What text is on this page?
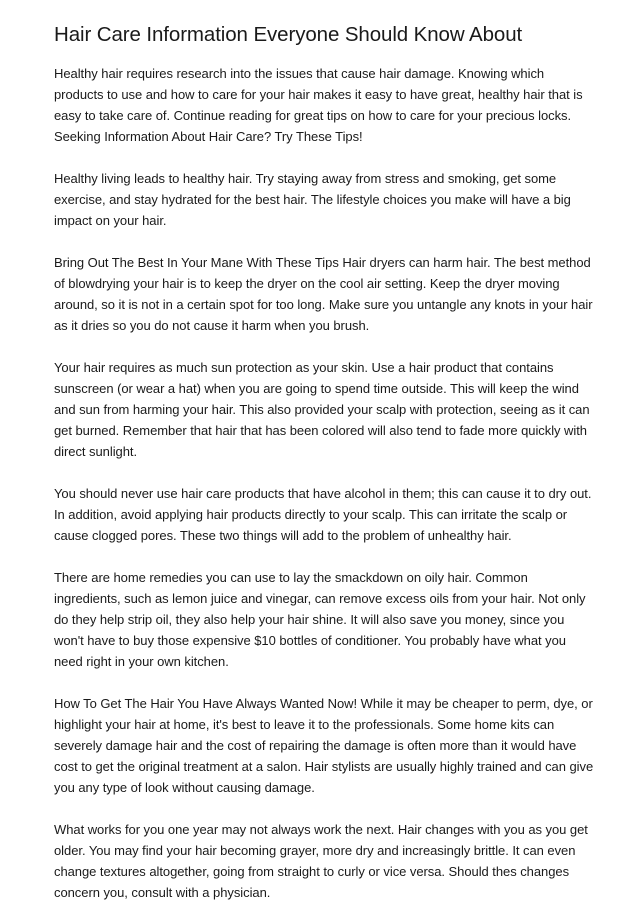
Hair Care Information Everyone Should Know About

Healthy hair requires research into the issues that cause hair damage. Knowing which products to use and how to care for your hair makes it easy to have great, healthy hair that is easy to take care of. Continue reading for great tips on how to care for your precious locks. Seeking Information About Hair Care? Try These Tips!

Healthy living leads to healthy hair. Try staying away from stress and smoking, get some exercise, and stay hydrated for the best hair. The lifestyle choices you make will have a big impact on your hair.

Bring Out The Best In Your Mane With These Tips Hair dryers can harm hair. The best method of blowdrying your hair is to keep the dryer on the cool air setting. Keep the dryer moving around, so it is not in a certain spot for too long. Make sure you untangle any knots in your hair as it dries so you do not cause it harm when you brush.

Your hair requires as much sun protection as your skin. Use a hair product that contains sunscreen (or wear a hat) when you are going to spend time outside. This will keep the wind and sun from harming your hair. This also provided your scalp with protection, seeing as it can get burned. Remember that hair that has been colored will also tend to fade more quickly with direct sunlight.

You should never use hair care products that have alcohol in them; this can cause it to dry out. In addition, avoid applying hair products directly to your scalp. This can irritate the scalp or cause clogged pores. These two things will add to the problem of unhealthy hair.

There are home remedies you can use to lay the smackdown on oily hair. Common ingredients, such as lemon juice and vinegar, can remove excess oils from your hair. Not only do they help strip oil, they also help your hair shine. It will also save you money, since you won't have to buy those expensive $10 bottles of conditioner. You probably have what you need right in your own kitchen.

How To Get The Hair You Have Always Wanted Now! While it may be cheaper to perm, dye, or highlight your hair at home, it's best to leave it to the professionals. Some home kits can severely damage hair and the cost of repairing the damage is often more than it would have cost to get the original treatment at a salon. Hair stylists are usually highly trained and can give you any type of look without causing damage.

What works for you one year may not always work the next. Hair changes with you as you get older. You may find your hair becoming grayer, more dry and increasingly brittle. It can even change textures altogether, going from straight to curly or vice versa. Should thes changes concern you, consult with a physician.
